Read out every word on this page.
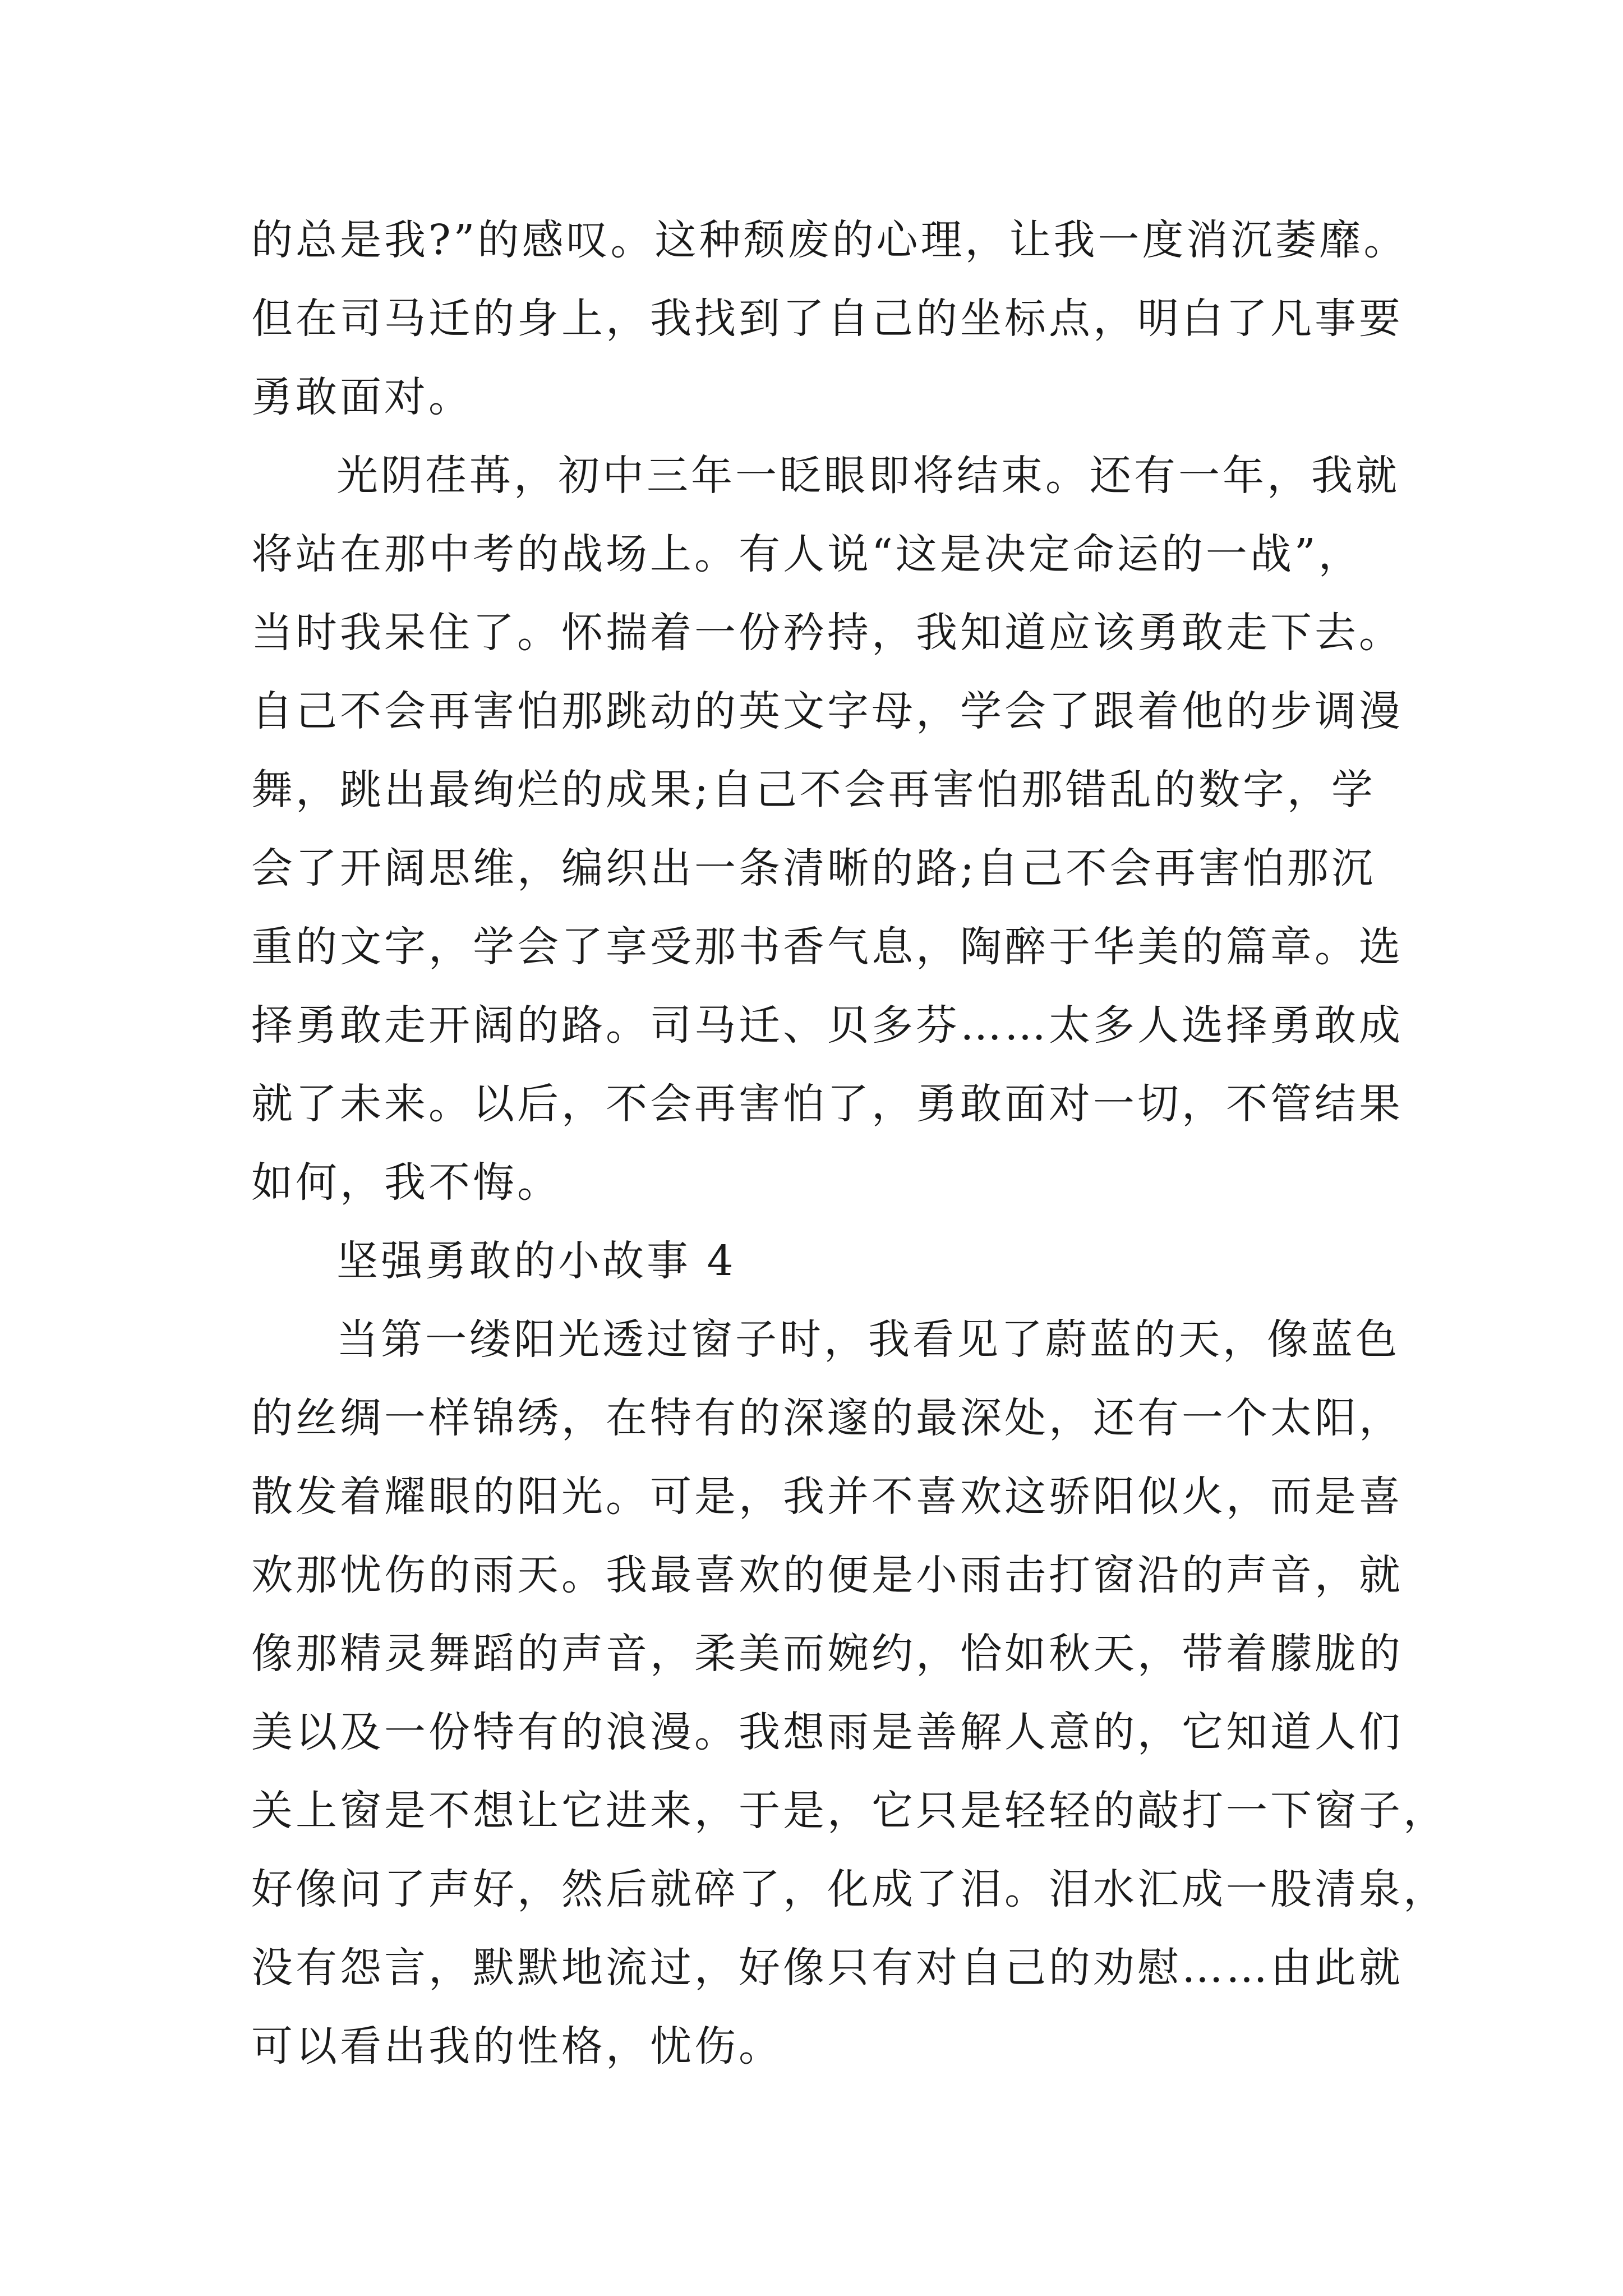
的总是我?”的感叹。这种颓废的心理，让我一度消沉萎靡。
但在司马迁的身上，我找到了自己的坐标点，明白了凡事要
勇敢面对。
光阴荏苒，初中三年一眨眼即将结束。还有一年，我就
将站在那中考的战场上。有人说“这是决定命运的一战”，
当时我呆住了。怀揣着一份矜持，我知道应该勇敢走下去。
自己不会再害怕那跳动的英文字母，学会了跟着他的步调漫
舞，跳出最绚烂的成果;自己不会再害怕那错乱的数字，学
会了开阔思维，编织出一条清晰的路;自己不会再害怕那沉
重的文字，学会了享受那书香气息，陶醉于华美的篇章。选
择勇敢走开阔的路。司马迁、贝多芬……太多人选择勇敢成
就了未来。以后，不会再害怕了，勇敢面对一切，不管结果
如何，我不悔。
坚强勇敢的小故事 4
当第一缕阳光透过窗子时，我看见了蔚蓝的天，像蓝色
的丝绸一样锦绣，在特有的深邃的最深处，还有一个太阳，
散发着耀眼的阳光。可是，我并不喜欢这骄阳似火，而是喜
欢那忧伤的雨天。我最喜欢的便是小雨击打窗沿的声音，就
像那精灵舞蹈的声音，柔美而婉约，恰如秋天，带着朦胧的
美以及一份特有的浪漫。我想雨是善解人意的，它知道人们
关上窗是不想让它进来，于是，它只是轻轻的敲打一下窗子，
好像问了声好，然后就碎了，化成了泪。泪水汇成一股清泉，
没有怨言，默默地流过，好像只有对自己的劝慰……由此就
可以看出我的性格，忧伤。
